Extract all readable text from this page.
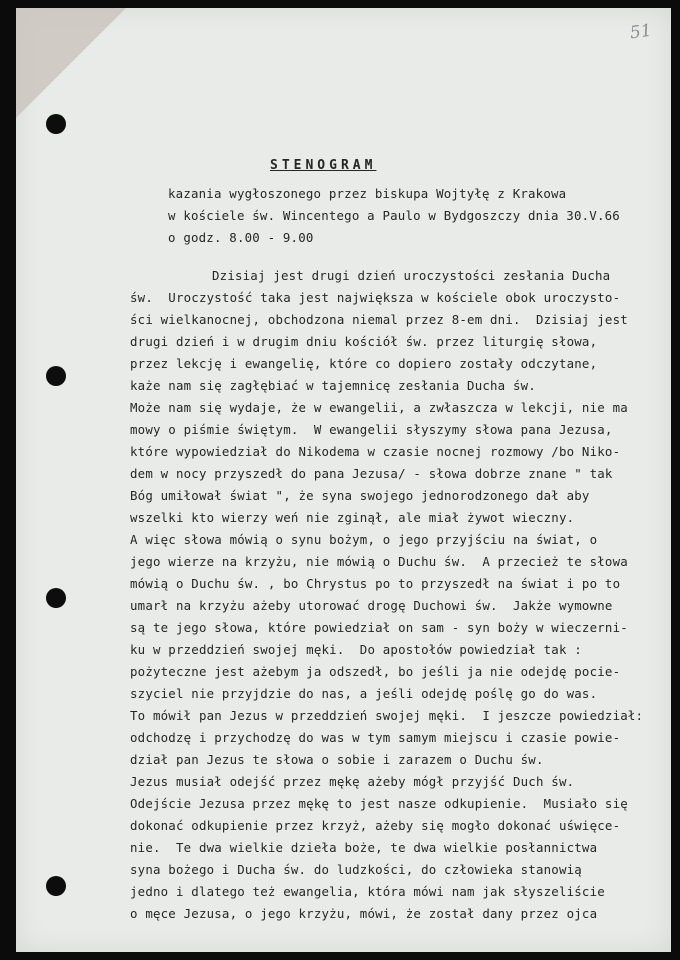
51
STENOGRAM
kazania wygłoszonego przez biskupa Wojtyłę z Krakowa
w kościele św. Wincentego a Paulo w Bydgoszczy dnia 30.V.66
o godz. 8.00 - 9.00
Dzisiaj jest drugi dzień uroczystości zesłania Ducha
św.  Uroczystość taka jest największa w kościele obok uroczysto-
ści wielkanocnej, obchodzona niemal przez 8-em dni.  Dzisiaj jest
drugi dzień i w drugim dniu kościół św. przez liturgię słowa,
przez lekcję i ewangelię, które co dopiero zostały odczytane,
każe nam się zagłębiać w tajemnicę zesłania Ducha św.
Może nam się wydaje, że w ewangelii, a zwłaszcza w lekcji, nie ma
mowy o piśmie świętym.  W ewangelii słyszymy słowa pana Jezusa,
które wypowiedział do Nikodema w czasie nocnej rozmowy /bo Niko-
dem w nocy przyszedł do pana Jezusa/ - słowa dobrze znane " tak
Bóg umiłował świat ", że syna swojego jednorodzonego dał aby
wszelki kto wierzy weń nie zginął, ale miał żywot wieczny.
A więc słowa mówią o synu bożym, o jego przyjściu na świat, o
jego wierze na krzyżu, nie mówią o Duchu św.  A przecież te słowa
mówią o Duchu św. , bo Chrystus po to przyszedł na świat i po to
umarł na krzyżu ażeby utorować drogę Duchowi św.  Jakże wymowne
są te jego słowa, które powiedział on sam - syn boży w wieczerni-
ku w przeddzień swojej męki.  Do apostołów powiedział tak :
pożyteczne jest ażebym ja odszedł, bo jeśli ja nie odejdę pocie-
szyciel nie przyjdzie do nas, a jeśli odejdę poślę go do was.
To mówił pan Jezus w przeddzień swojej męki.  I jeszcze powiedział:
odchodzę i przychodzę do was w tym samym miejscu i czasie powie-
dział pan Jezus te słowa o sobie i zarazem o Duchu św.
Jezus musiał odejść przez mękę ażeby mógł przyjść Duch św.
Odejście Jezusa przez mękę to jest nasze odkupienie.  Musiało się
dokonać odkupienie przez krzyż, ażeby się mogło dokonać uświęce-
nie.  Te dwa wielkie dzieła boże, te dwa wielkie posłannictwa
syna bożego i Ducha św. do ludzkości, do człowieka stanowią
jedno i dlatego też ewangelia, która mówi nam jak słyszeliście
o męce Jezusa, o jego krzyżu, mówi, że został dany przez ojca
